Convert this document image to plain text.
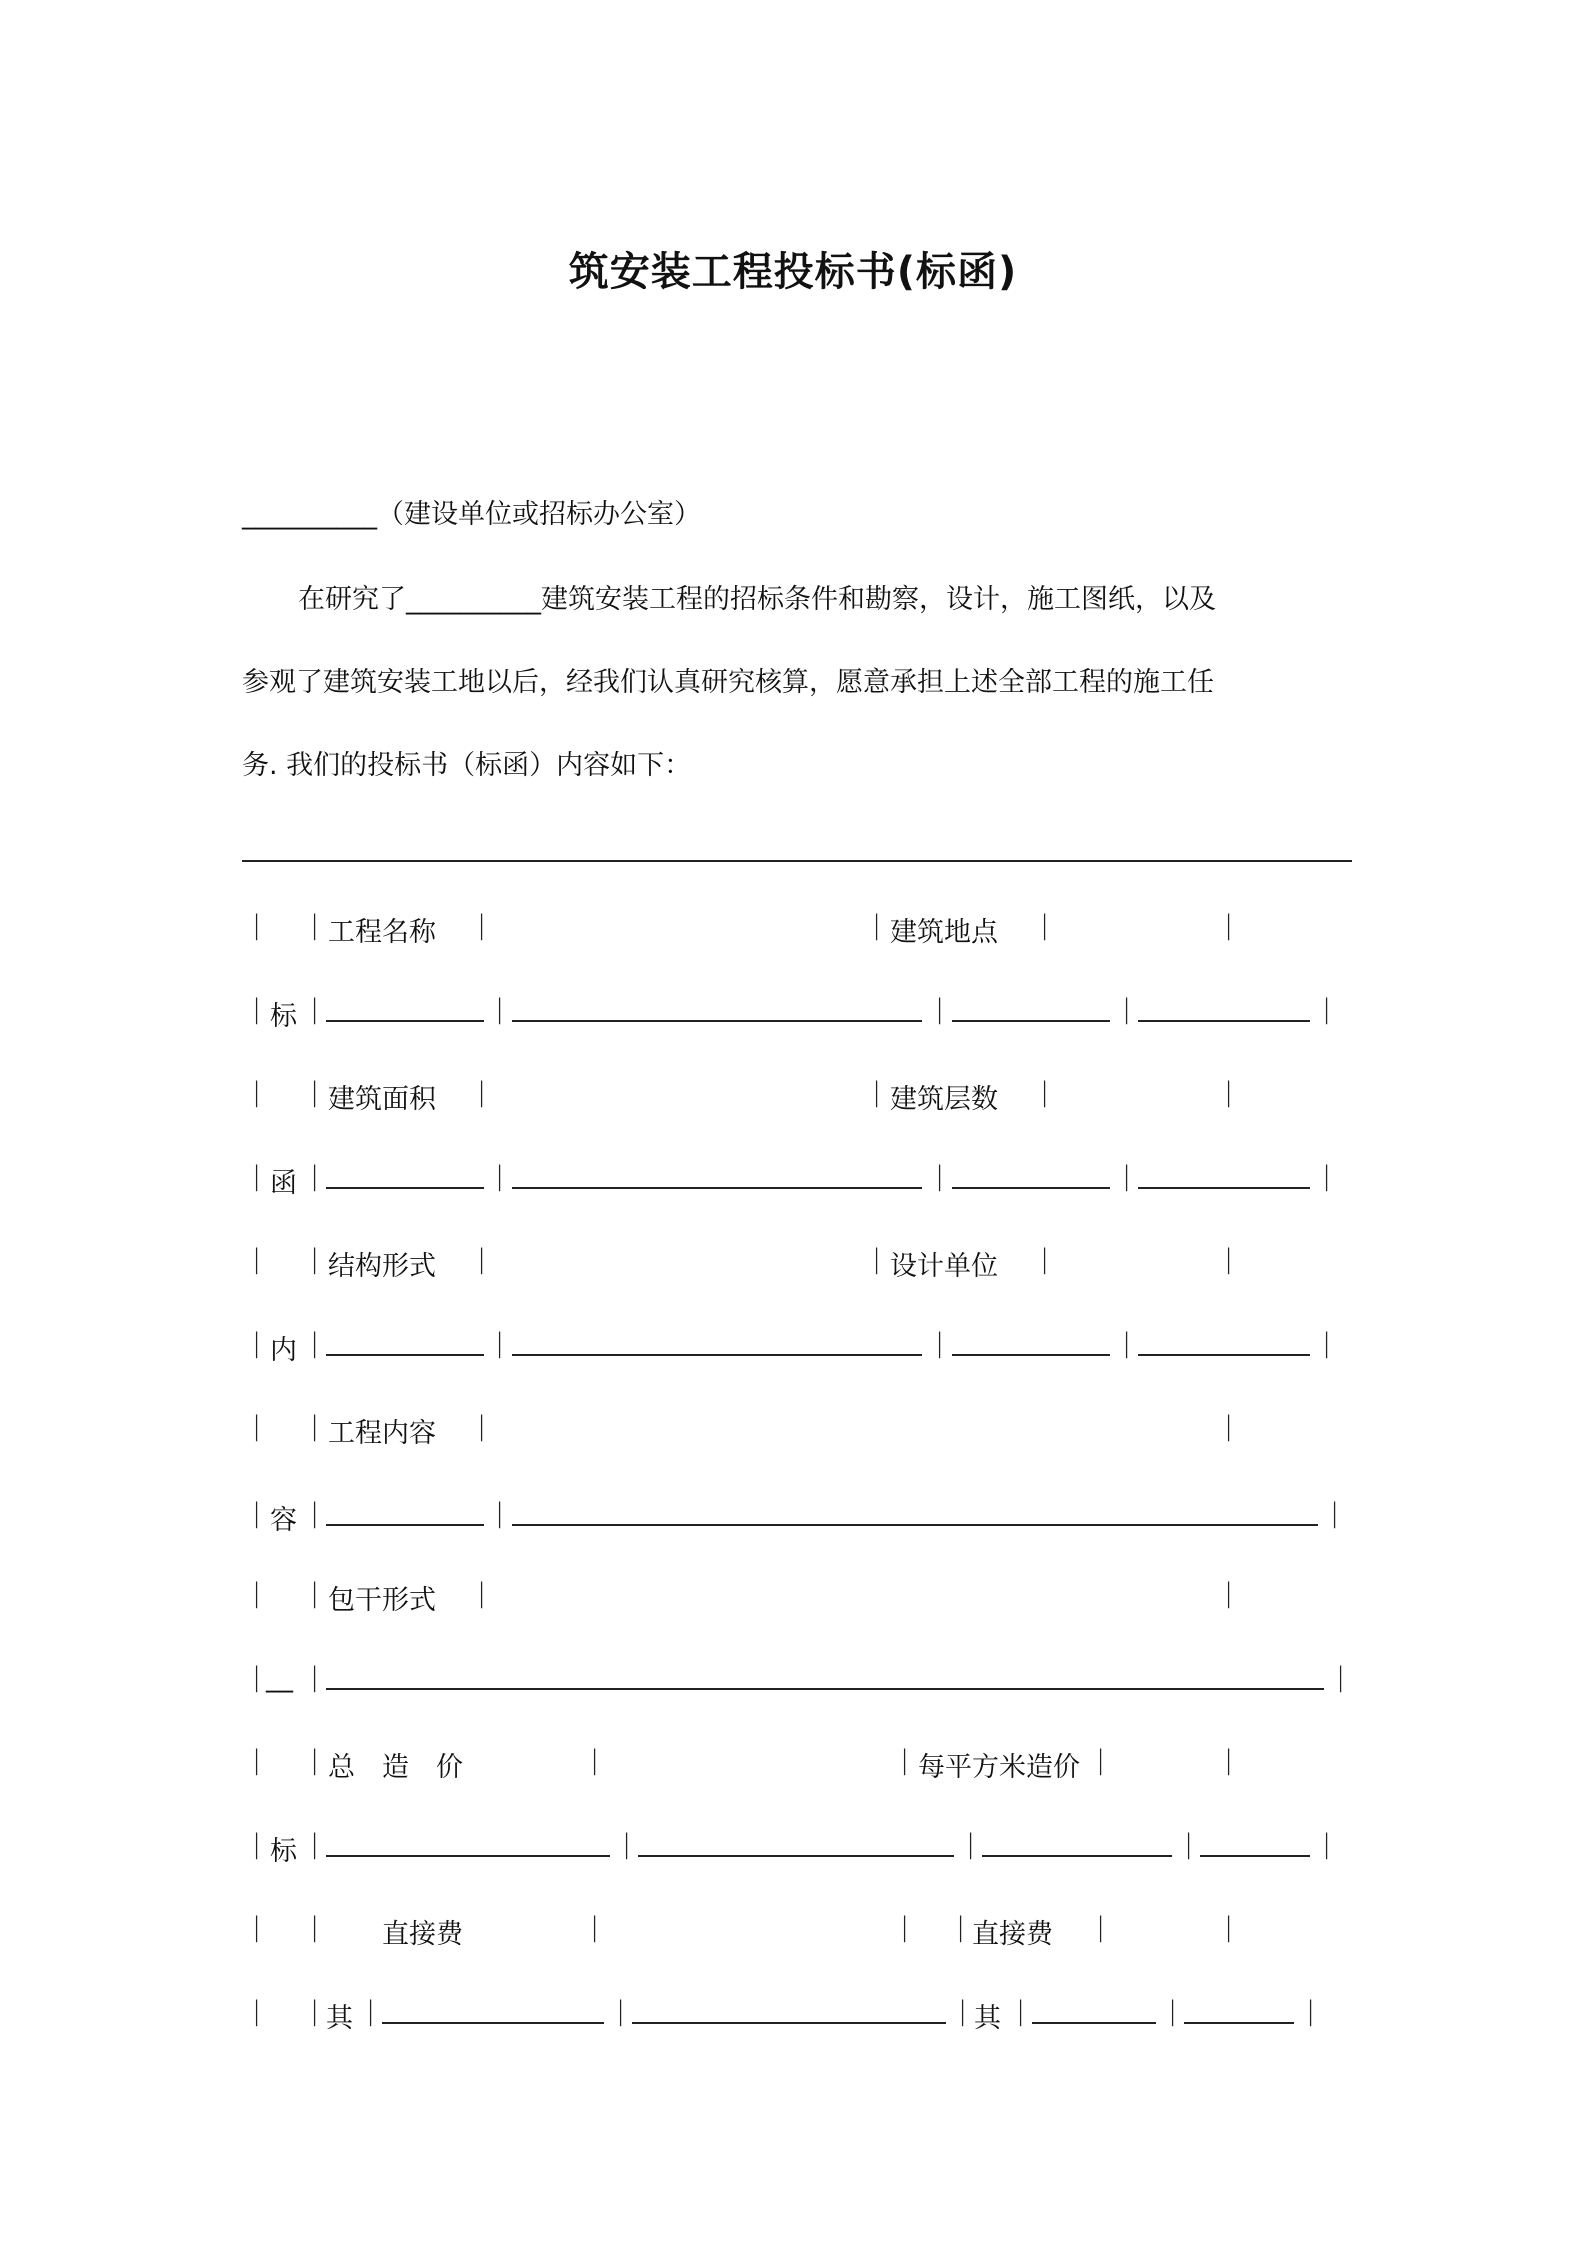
筑安装工程投标书(标函)
__________（建设单位或招标办公室）
在研究了__________建筑安装工程的招标条件和勘察，设计，施工图纸，以及
参观了建筑安装工地以后，经我们认真研究核算，愿意承担上述全部工程的施工任
务. 我们的投标书（标函）内容如下：
| | 工程名称 |	| 建筑地点 |	|
| 标 |	|	|	|	|
| | 建筑面积 |	| 建筑层数 |	|
| 函 |	|	|	|	|
| | 结构形式 |	| 设计单位 |	|
| 内 |	|	|	|	|
| | 工程内容 |	|
| 容 |	|	|
| | 包干形式 |	|
| __ |	|
| | 总　造　价	|	| 每平方米造价 |	|
| 标 |	|	|	|	|
| | 直接费	|	| | 直接费 |	|
| | 其 |	|	| 其 |	|	|
